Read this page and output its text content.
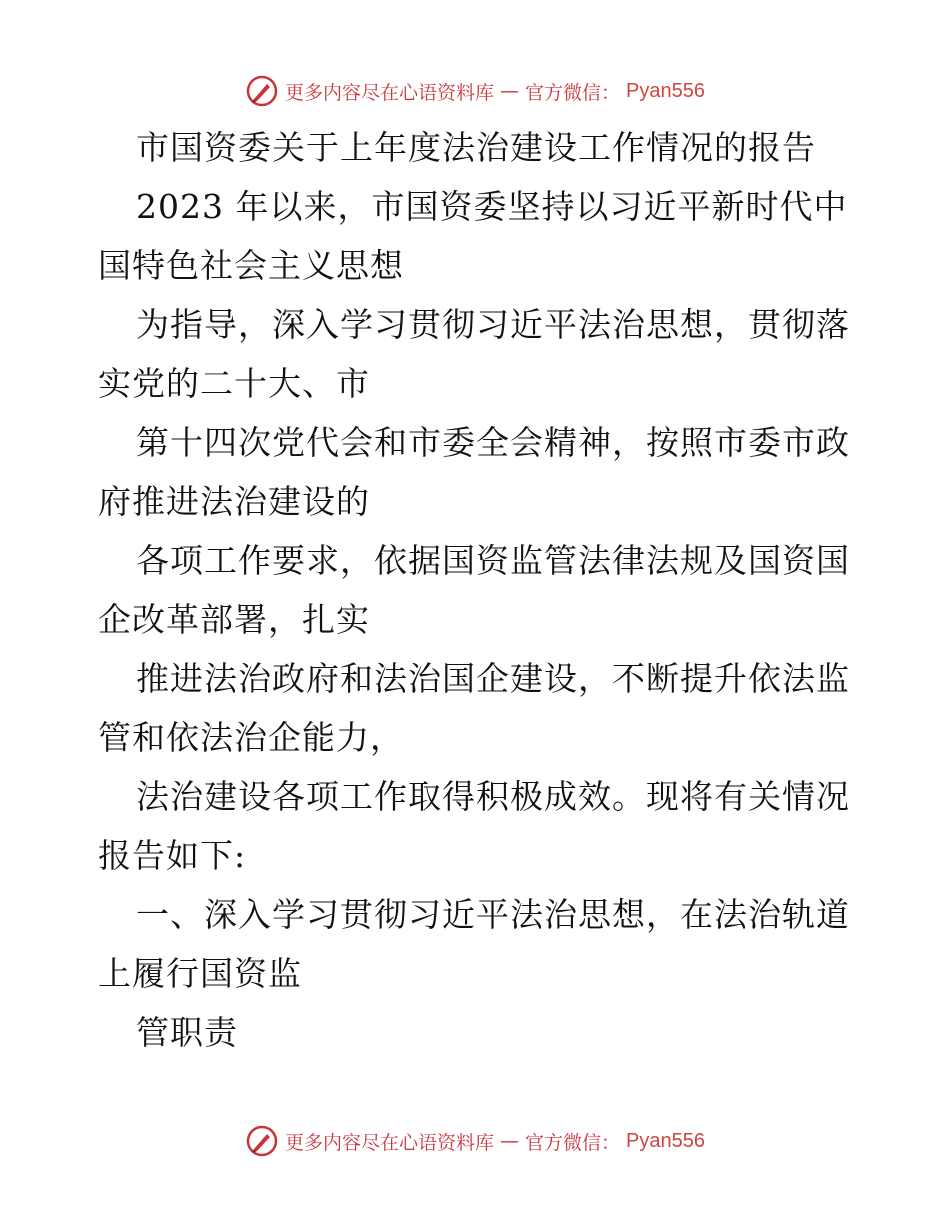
更多内容尽在心语资料库 — 官方微信： Pyan556
市国资委关于上年度法治建设工作情况的报告
2023 年以来，市国资委坚持以习近平新时代中
国特色社会主义思想
为指导，深入学习贯彻习近平法治思想，贯彻落
实党的二十大、市
第十四次党代会和市委全会精神，按照市委市政
府推进法治建设的
各项工作要求，依据国资监管法律法规及国资国
企改革部署，扎实
推进法治政府和法治国企建设，不断提升依法监
管和依法治企能力，
法治建设各项工作取得积极成效。现将有关情况
报告如下:
一、深入学习贯彻习近平法治思想，在法治轨道
上履行国资监
管职责
更多内容尽在心语资料库 — 官方微信： Pyan556
